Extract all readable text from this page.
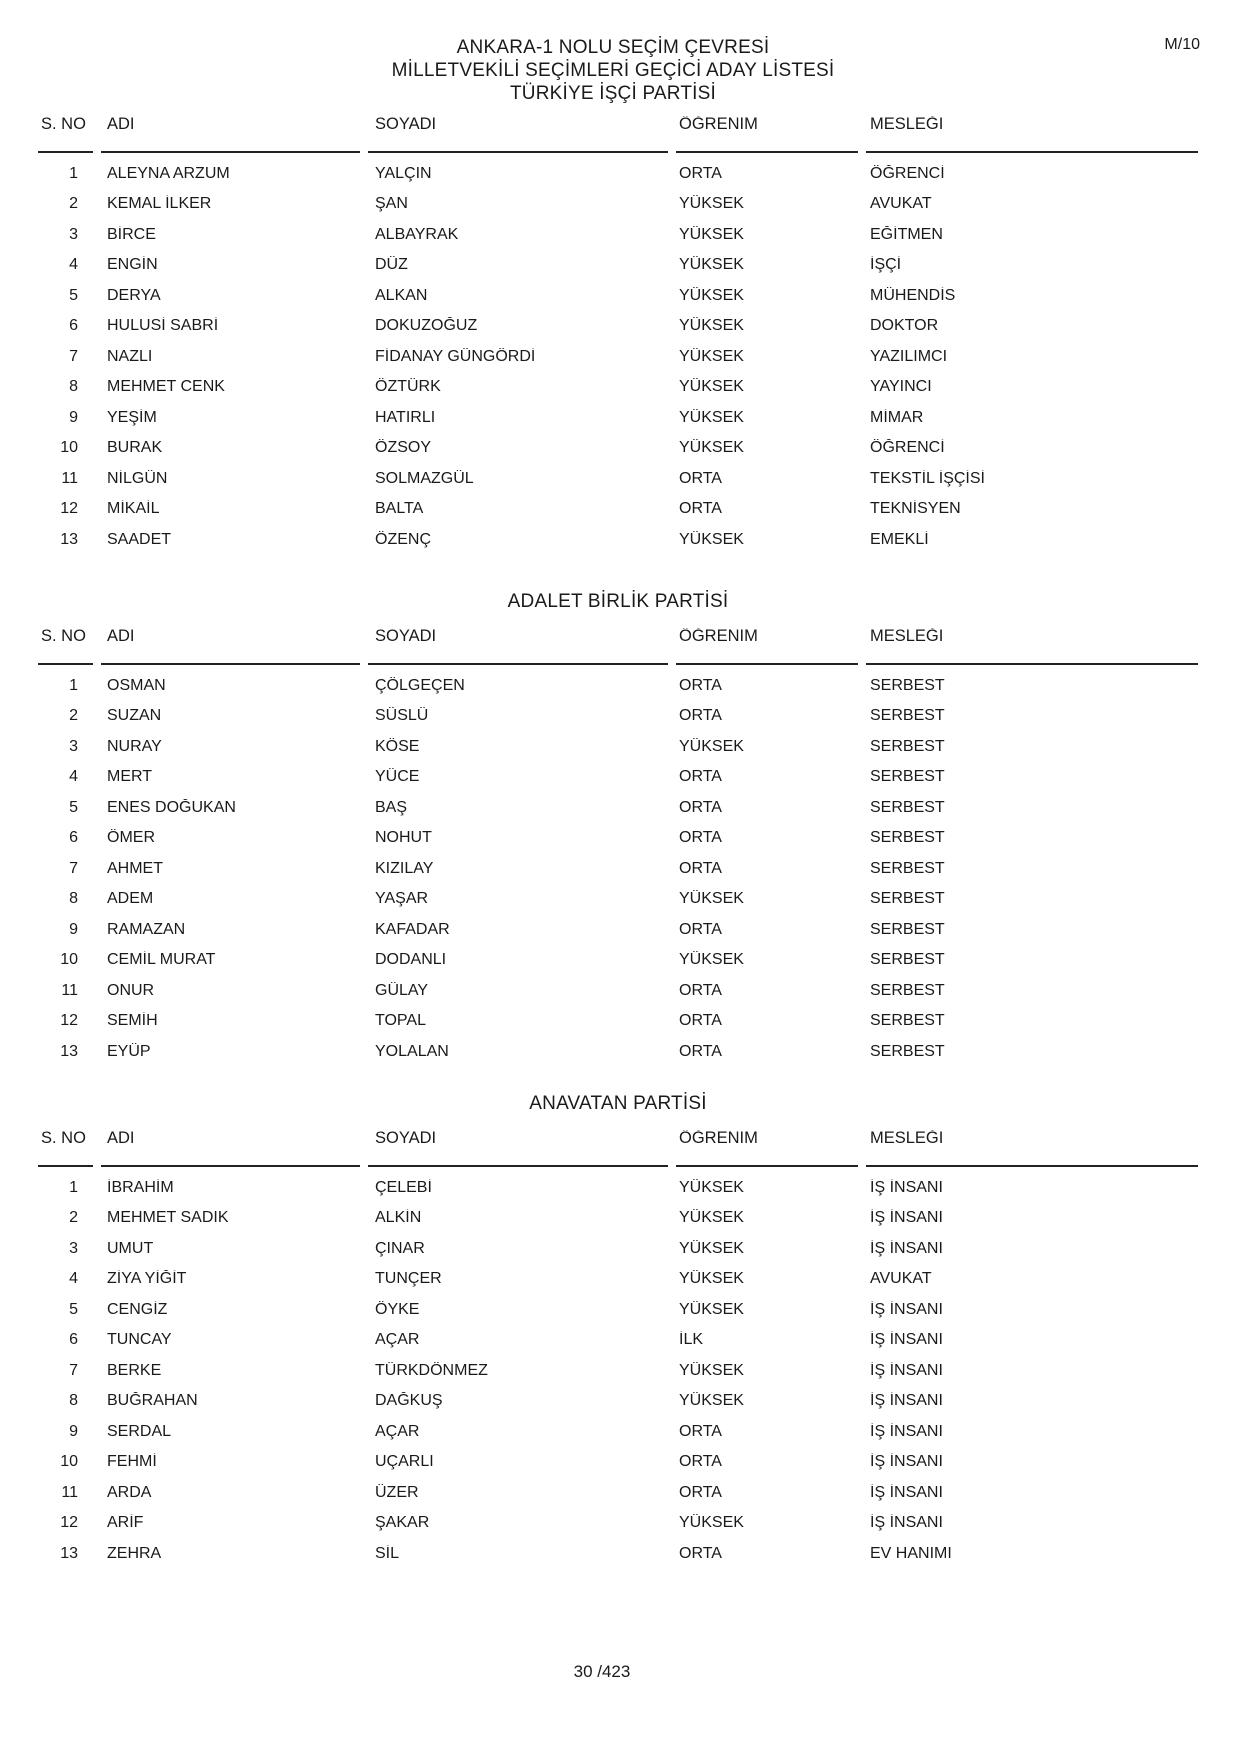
ANKARA-1 NOLU SEÇİM ÇEVRESİ
MİLLETVEKİLİ SEÇİMLERİ GEÇİCİ ADAY LİSTESİ
TÜRKİYE İŞÇİ PARTİSİ
M/10
S. NO	ADI	SOYADI	ÖĞRENİM	MESLEĞİ
1	ALEYNA ARZUM	YALÇIN	ORTA	ÖĞRENCİ
2	KEMAL İLKER	ŞAN	YÜKSEK	AVUKAT
3	BİRCE	ALBAYRAK	YÜKSEK	EĞİTMEN
4	ENGİN	DÜZ	YÜKSEK	İŞÇİ
5	DERYA	ALKAN	YÜKSEK	MÜHENDİS
6	HULUSİ SABRİ	DOKUZOĞUZ	YÜKSEK	DOKTOR
7	NAZLI	FİDANAY GÜNGÖRDİ	YÜKSEK	YAZILIMCI
8	MEHMET CENK	ÖZTÜRK	YÜKSEK	YAYINCI
9	YEŞİM	HATIRLI	YÜKSEK	MİMAR
10	BURAK	ÖZSOY	YÜKSEK	ÖĞRENCİ
11	NİLGÜN	SOLMAZGÜL	ORTA	TEKSTİL İŞÇİSİ
12	MİKAİL	BALTA	ORTA	TEKNİSYEN
13	SAADET	ÖZENÇ	YÜKSEK	EMEKLİ
ADALET BİRLİK PARTİSİ
S. NO	ADI	SOYADI	ÖĞRENİM	MESLEĞİ
1	OSMAN	ÇÖLGEÇEN	ORTA	SERBEST
2	SUZAN	SÜSLÜ	ORTA	SERBEST
3	NURAY	KÖSE	YÜKSEK	SERBEST
4	MERT	YÜCE	ORTA	SERBEST
5	ENES DOĞUKAN	BAŞ	ORTA	SERBEST
6	ÖMER	NOHUT	ORTA	SERBEST
7	AHMET	KIZILAY	ORTA	SERBEST
8	ADEM	YAŞAR	YÜKSEK	SERBEST
9	RAMAZAN	KAFADAR	ORTA	SERBEST
10	CEMİL MURAT	DODANLI	YÜKSEK	SERBEST
11	ONUR	GÜLAY	ORTA	SERBEST
12	SEMİH	TOPAL	ORTA	SERBEST
13	EYÜP	YOLALAN	ORTA	SERBEST
ANAVATAN PARTİSİ
S. NO	ADI	SOYADI	ÖĞRENİM	MESLEĞİ
1	İBRAHİM	ÇELEBİ	YÜKSEK	İŞ İNSANI
2	MEHMET SADIK	ALKİN	YÜKSEK	İŞ İNSANI
3	UMUT	ÇINAR	YÜKSEK	İŞ İNSANI
4	ZİYA YİĞİT	TUNÇER	YÜKSEK	AVUKAT
5	CENGİZ	ÖYKE	YÜKSEK	İŞ İNSANI
6	TUNCAY	AÇAR	İLK	İŞ İNSANI
7	BERKE	TÜRKDÖNMEZ	YÜKSEK	İŞ İNSANI
8	BUĞRAHAN	DAĞKUŞ	YÜKSEK	İŞ İNSANI
9	SERDAL	AÇAR	ORTA	İŞ İNSANI
10	FEHMİ	UÇARLI	ORTA	İŞ İNSANI
11	ARDA	ÜZER	ORTA	İŞ İNSANI
12	ARİF	ŞAKAR	YÜKSEK	İŞ İNSANI
13	ZEHRA	SİL	ORTA	EV HANIMI
30 /423
